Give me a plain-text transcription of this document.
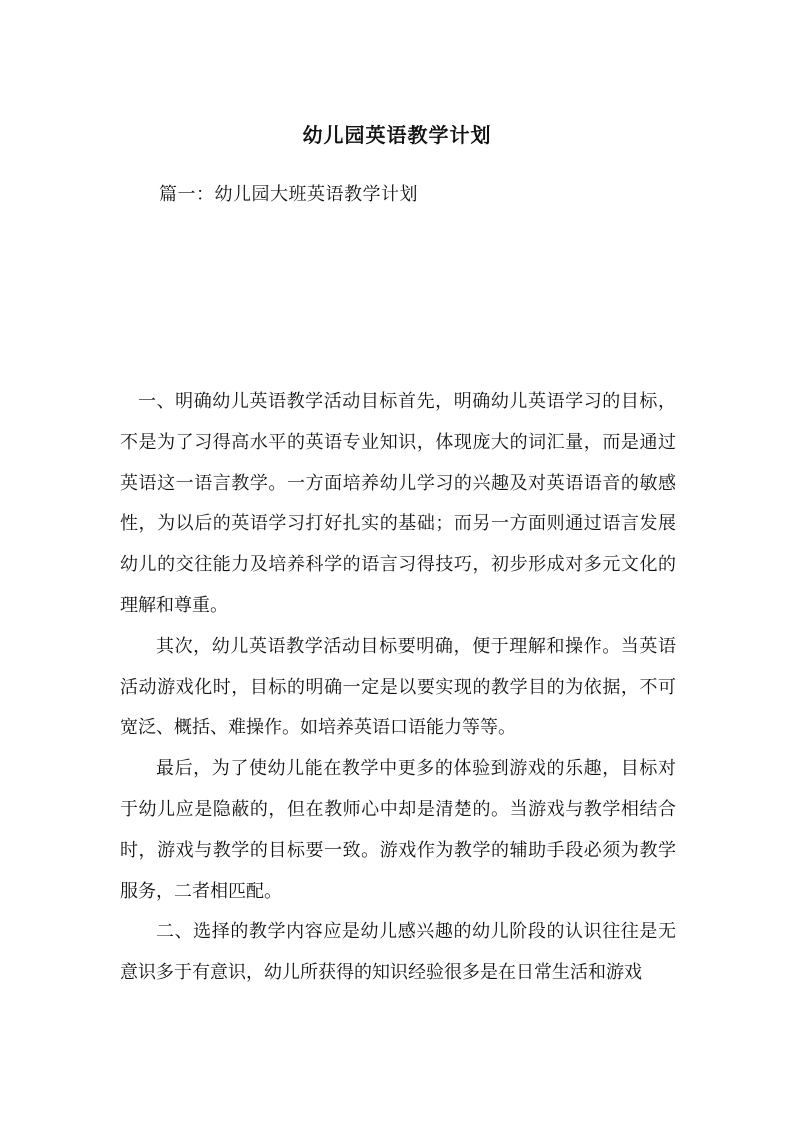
幼儿园英语教学计划
篇一：幼儿园大班英语教学计划

一、明确幼儿英语教学活动目标首先，明确幼儿英语学习的目标，不是为了习得高水平的英语专业知识，体现庞大的词汇量，而是通过英语这一语言教学。一方面培养幼儿学习的兴趣及对英语语音的敏感性，为以后的英语学习打好扎实的基础；而另一方面则通过语言发展幼儿的交往能力及培养科学的语言习得技巧，初步形成对多元文化的理解和尊重。

其次，幼儿英语教学活动目标要明确，便于理解和操作。当英语活动游戏化时，目标的明确一定是以要实现的教学目的为依据，不可宽泛、概括、难操作。如培养英语口语能力等等。

最后，为了使幼儿能在教学中更多的体验到游戏的乐趣，目标对于幼儿应是隐蔽的，但在教师心中却是清楚的。当游戏与教学相结合时，游戏与教学的目标要一致。游戏作为教学的辅助手段必须为教学服务，二者相匹配。

二、选择的教学内容应是幼儿感兴趣的幼儿阶段的认识往往是无意识多于有意识，幼儿所获得的知识经验很多是在日常生活和游戏
